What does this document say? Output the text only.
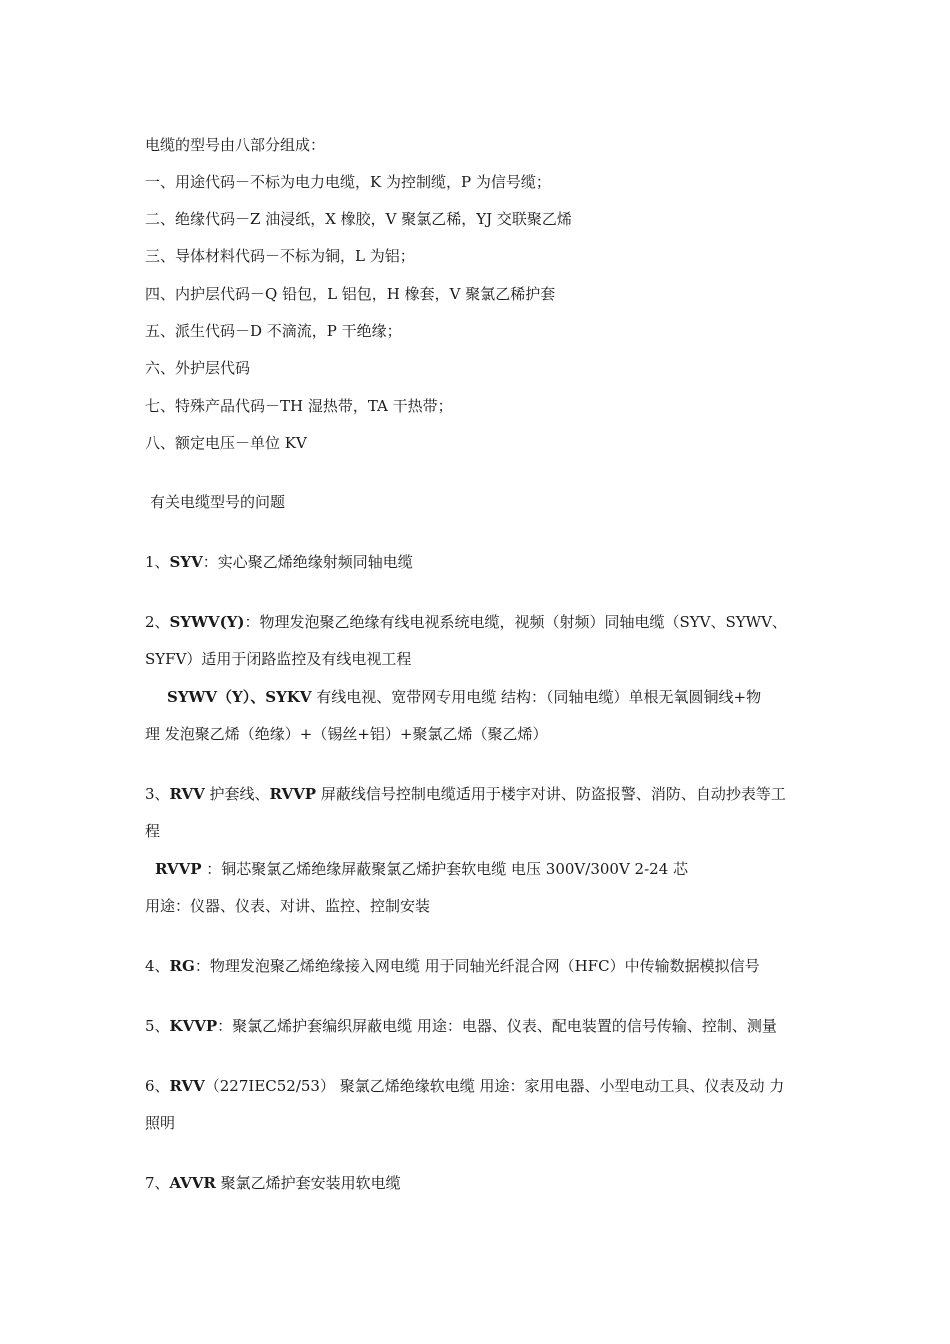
电缆的型号由八部分组成：
一、用途代码－不标为电力电缆，K 为控制缆，P 为信号缆；
二、绝缘代码－Z 油浸纸，X 橡胶，V 聚氯乙稀，YJ 交联聚乙烯
三、导体材料代码－不标为铜，L 为铝；
四、内护层代码－Q 铅包，L 铝包，H 橡套，V 聚氯乙稀护套
五、派生代码－D 不滴流，P 干绝缘；
六、外护层代码
七、特殊产品代码－TH 湿热带，TA 干热带；
八、额定电压－单位 KV
有关电缆型号的问题
1、SYV：实心聚乙烯绝缘射频同轴电缆
2、SYWV(Y)：物理发泡聚乙绝缘有线电视系统电缆，视频（射频）同轴电缆（SYV、SYWV、
SYFV）适用于闭路监控及有线电视工程
SYWV（Y）、SYKV 有线电视、宽带网专用电缆 结构：（同轴电缆）单根无氧圆铜线+物
理 发泡聚乙烯（绝缘）+（锡丝+铝）+聚氯乙烯（聚乙烯）
3、RVV 护套线、RVVP 屏蔽线信号控制电缆适用于楼宇对讲、防盗报警、消防、自动抄表等工
程
RVVP ：铜芯聚氯乙烯绝缘屏蔽聚氯乙烯护套软电缆 电压 300V/300V 2-24 芯
用途：仪器、仪表、对讲、监控、控制安装
4、RG：物理发泡聚乙烯绝缘接入网电缆 用于同轴光纤混合网（HFC）中传输数据模拟信号
5、KVVP：聚氯乙烯护套编织屏蔽电缆 用途：电器、仪表、配电装置的信号传输、控制、测量
6、RVV（227IEC52/53） 聚氯乙烯绝缘软电缆 用途：家用电器、小型电动工具、仪表及动 力
照明
7、AVVR 聚氯乙烯护套安装用软电缆
